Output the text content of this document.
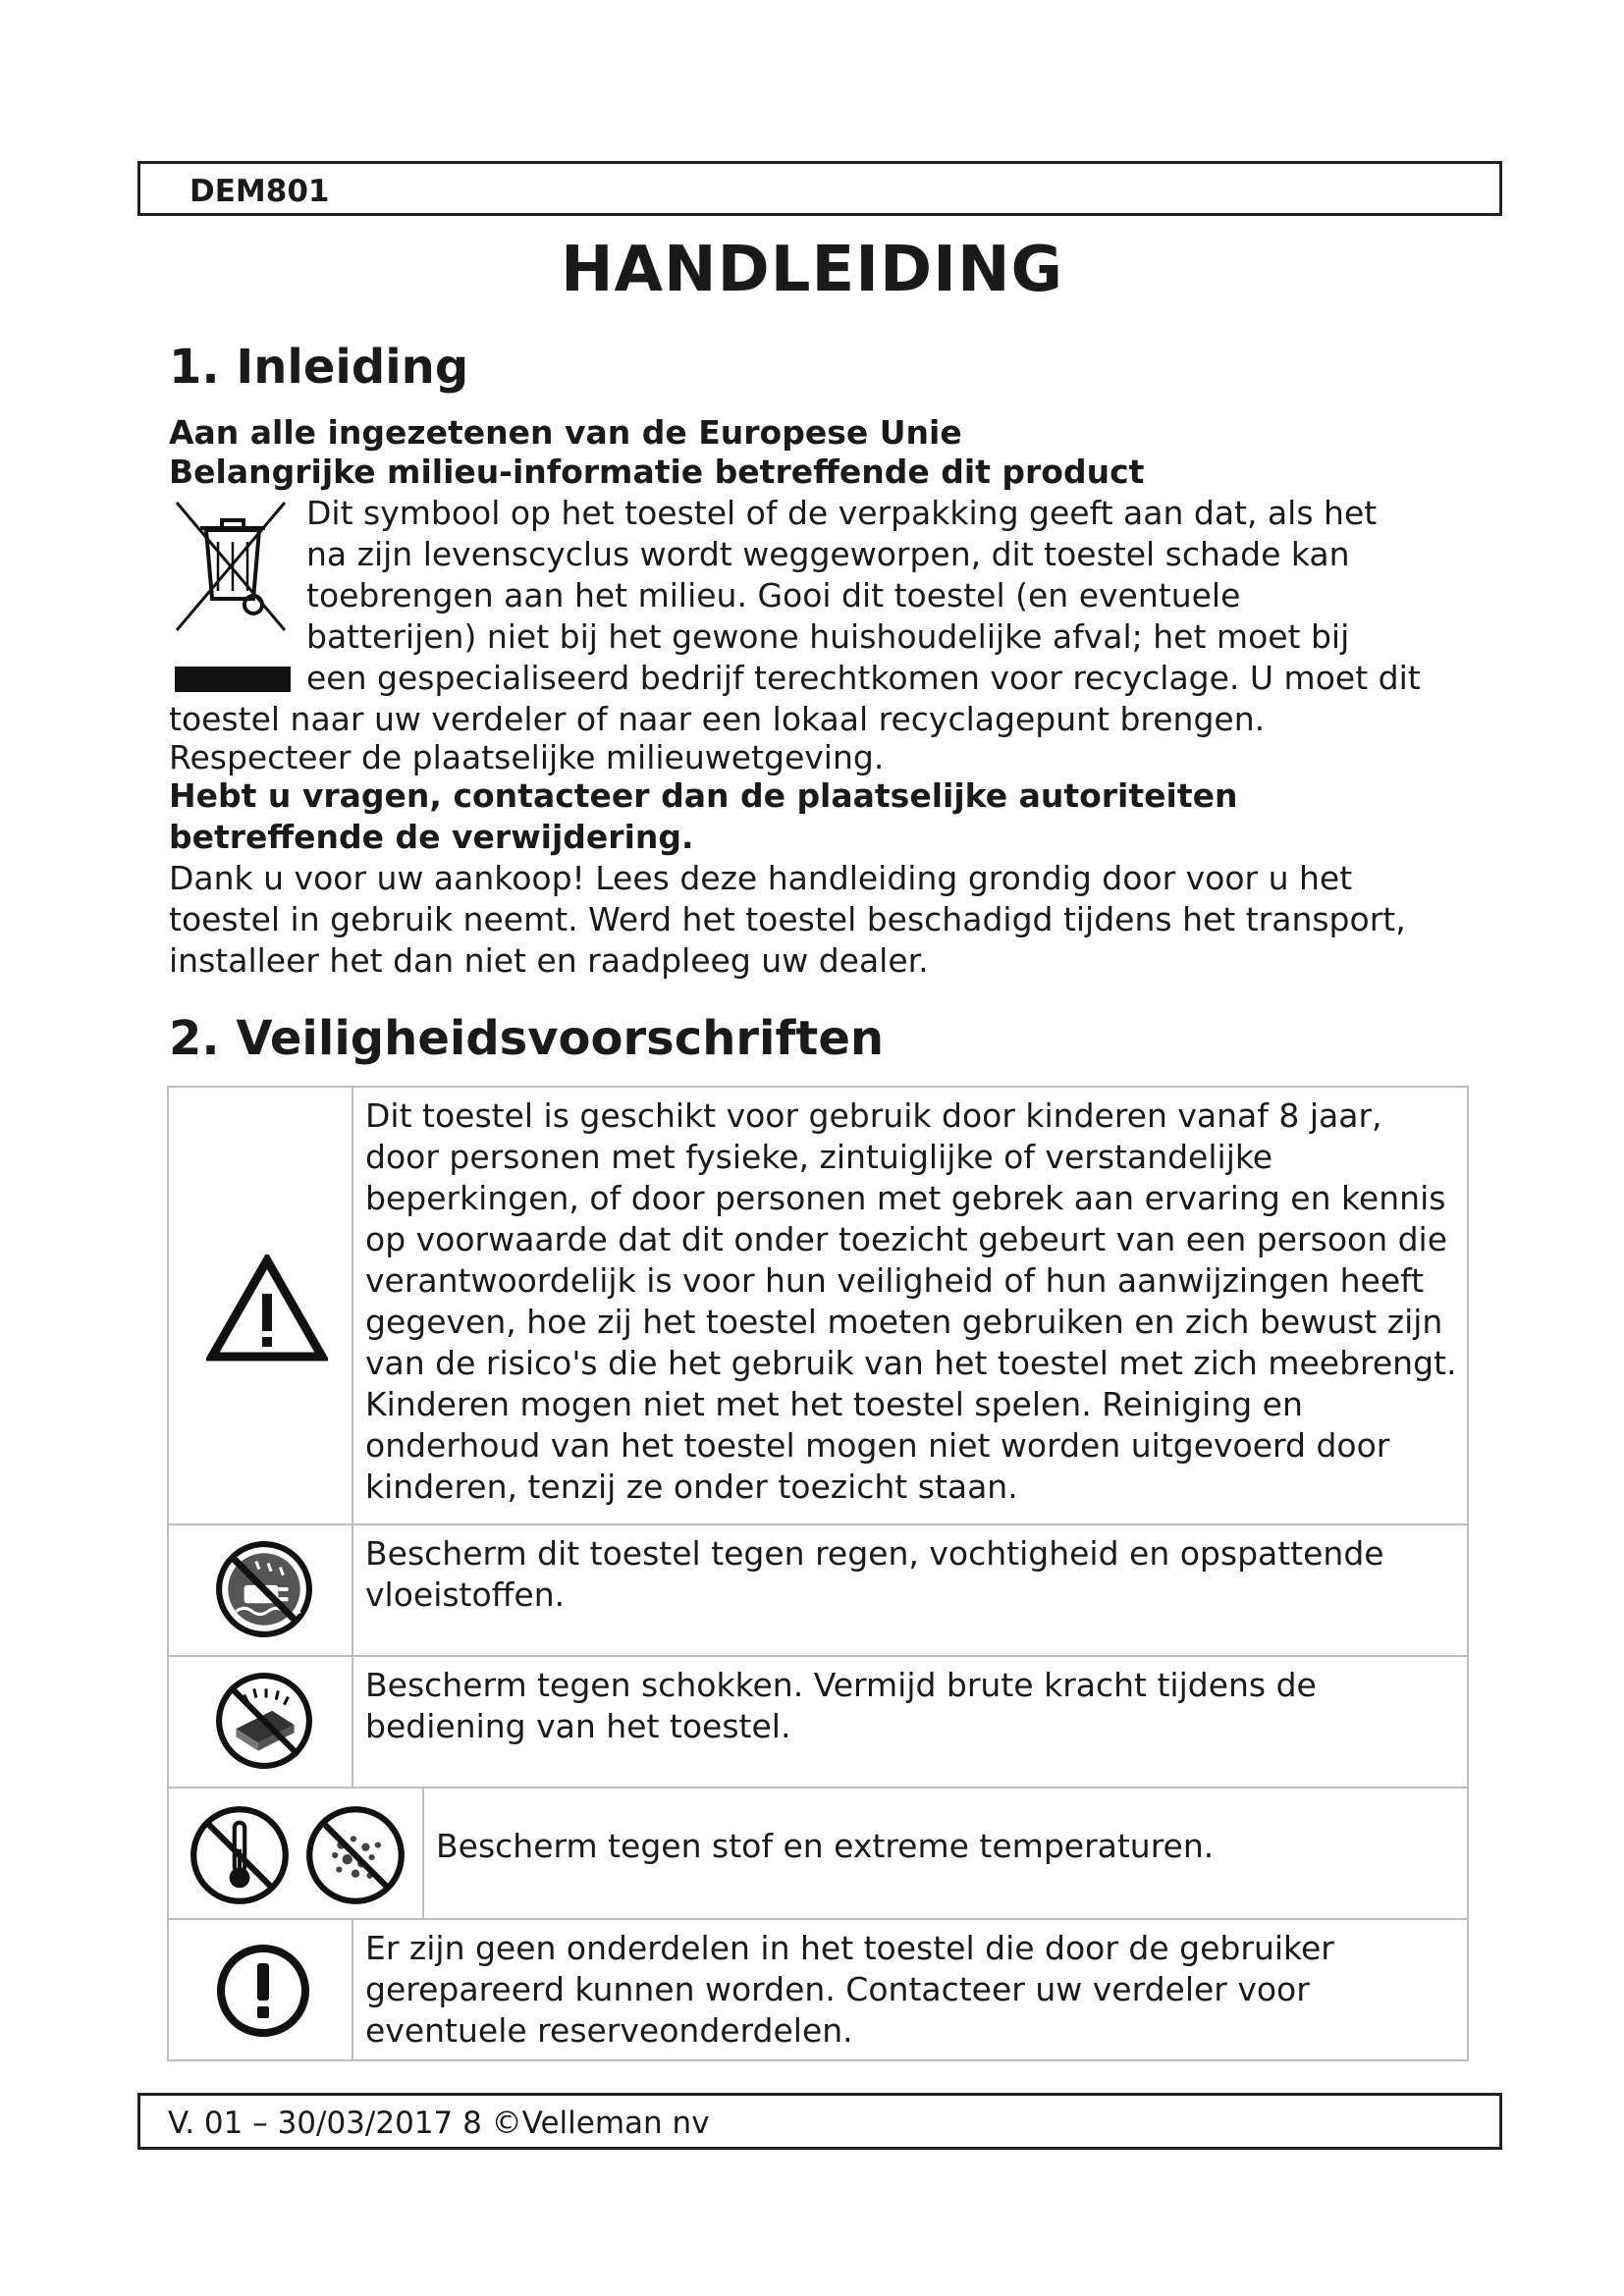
DEM801
HANDLEIDING
1. Inleiding
Aan alle ingezetenen van de Europese Unie
Belangrijke milieu-informatie betreffende dit product
Dit symbool op het toestel of de verpakking geeft aan dat, als het
na zijn levenscyclus wordt weggeworpen, dit toestel schade kan
toebrengen aan het milieu. Gooi dit toestel (en eventuele
batterijen) niet bij het gewone huishoudelijke afval; het moet bij
een gespecialiseerd bedrijf terechtkomen voor recyclage. U moet dit
toestel naar uw verdeler of naar een lokaal recyclagepunt brengen.
Respecteer de plaatselijke milieuwetgeving.
Hebt u vragen, contacteer dan de plaatselijke autoriteiten
betreffende de verwijdering.
Dank u voor uw aankoop! Lees deze handleiding grondig door voor u het
toestel in gebruik neemt. Werd het toestel beschadigd tijdens het transport,
installeer het dan niet en raadpleeg uw dealer.
2. Veiligheidsvoorschriften
Dit toestel is geschikt voor gebruik door kinderen vanaf 8 jaar,
door personen met fysieke, zintuiglijke of verstandelijke
beperkingen, of door personen met gebrek aan ervaring en kennis
op voorwaarde dat dit onder toezicht gebeurt van een persoon die
verantwoordelijk is voor hun veiligheid of hun aanwijzingen heeft
gegeven, hoe zij het toestel moeten gebruiken en zich bewust zijn
van de risico's die het gebruik van het toestel met zich meebrengt.
Kinderen mogen niet met het toestel spelen. Reiniging en
onderhoud van het toestel mogen niet worden uitgevoerd door
kinderen, tenzij ze onder toezicht staan.
Bescherm dit toestel tegen regen, vochtigheid en opspattende
vloeistoffen.
Bescherm tegen schokken. Vermijd brute kracht tijdens de
bediening van het toestel.
Bescherm tegen stof en extreme temperaturen.
Er zijn geen onderdelen in het toestel die door de gebruiker
gerepareerd kunnen worden. Contacteer uw verdeler voor
eventuele reserveonderdelen.
V. 01 – 30/03/2017 8 ©Velleman nv
